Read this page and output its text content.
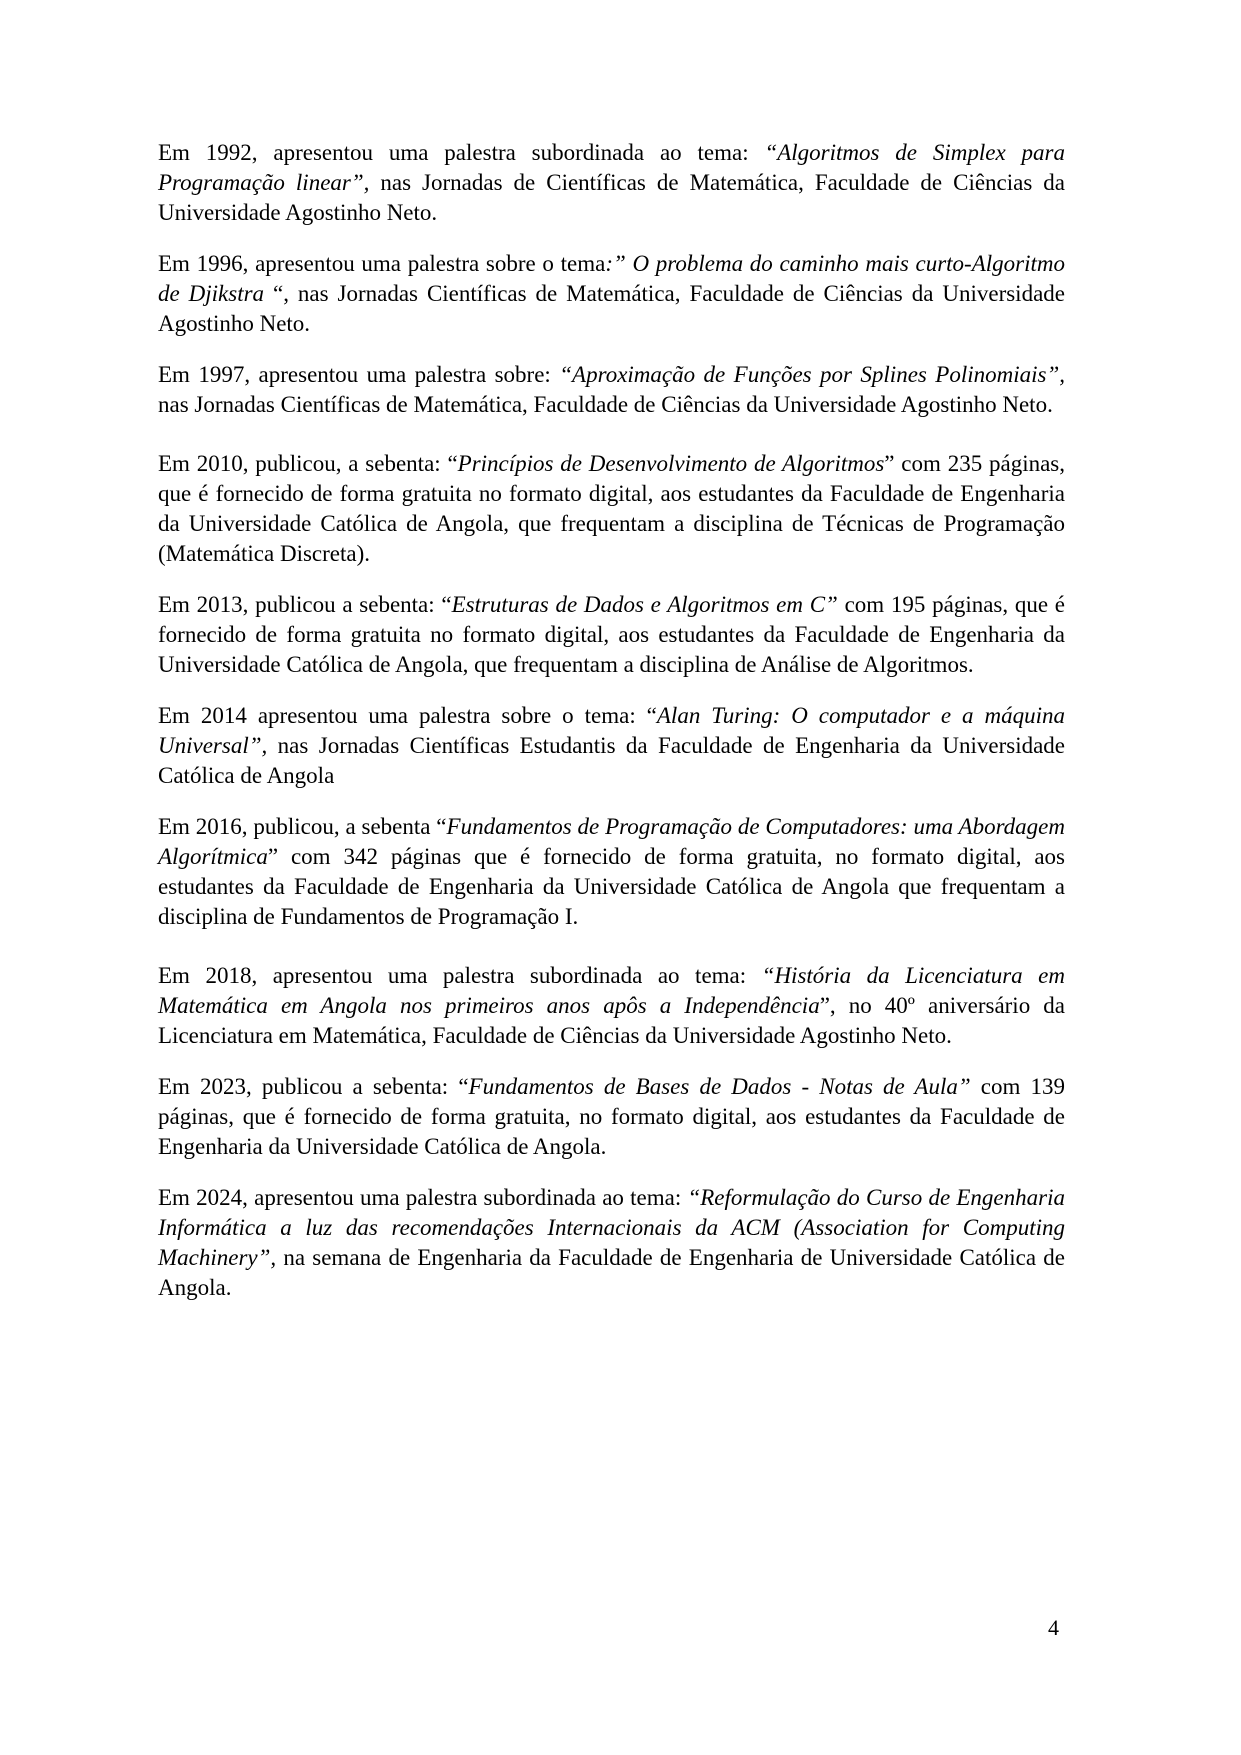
Em 1992, apresentou uma palestra subordinada ao tema: “Algoritmos de Simplex para Programação linear”, nas Jornadas de Científicas de Matemática, Faculdade de Ciências da Universidade Agostinho Neto.

Em 1996, apresentou uma palestra sobre o tema:” O problema do caminho mais curto-Algoritmo de Djikstra “, nas Jornadas Científicas de Matemática, Faculdade de Ciências da Universidade Agostinho Neto.

Em 1997, apresentou uma palestra sobre: “Aproximação de Funções por Splines Polinomiais”, nas Jornadas Científicas de Matemática, Faculdade de Ciências da Universidade Agostinho Neto.

Em 2010, publicou, a sebenta: “Princípios de Desenvolvimento de Algoritmos” com 235 páginas, que é fornecido de forma gratuita no formato digital, aos estudantes da Faculdade de Engenharia da Universidade Católica de Angola, que frequentam a disciplina de Técnicas de Programação (Matemática Discreta).

Em 2013, publicou a sebenta: “Estruturas de Dados e Algoritmos em C” com 195 páginas, que é fornecido de forma gratuita no formato digital, aos estudantes da Faculdade de Engenharia da Universidade Católica de Angola, que frequentam a disciplina de Análise de Algoritmos.

Em 2014 apresentou uma palestra sobre o tema: “Alan Turing: O computador e a máquina Universal”, nas Jornadas Científicas Estudantis da Faculdade de Engenharia da Universidade Católica de Angola

Em 2016, publicou, a sebenta “Fundamentos de Programação de Computadores: uma Abordagem Algorítmica” com 342 páginas que é fornecido de forma gratuita, no formato digital, aos estudantes da Faculdade de Engenharia da Universidade Católica de Angola que frequentam a disciplina de Fundamentos de Programação I.

Em 2018, apresentou uma palestra subordinada ao tema: “História da Licenciatura em Matemática em Angola nos primeiros anos apôs a Independência”, no 40º aniversário da Licenciatura em Matemática, Faculdade de Ciências da Universidade Agostinho Neto.

Em 2023, publicou a sebenta: “Fundamentos de Bases de Dados - Notas de Aula” com 139 páginas, que é fornecido de forma gratuita, no formato digital, aos estudantes da Faculdade de Engenharia da Universidade Católica de Angola.

Em 2024, apresentou uma palestra subordinada ao tema: “Reformulação do Curso de Engenharia Informática a luz das recomendações Internacionais da ACM (Association for Computing Machinery”, na semana de Engenharia da Faculdade de Engenharia de Universidade Católica de Angola.

4
